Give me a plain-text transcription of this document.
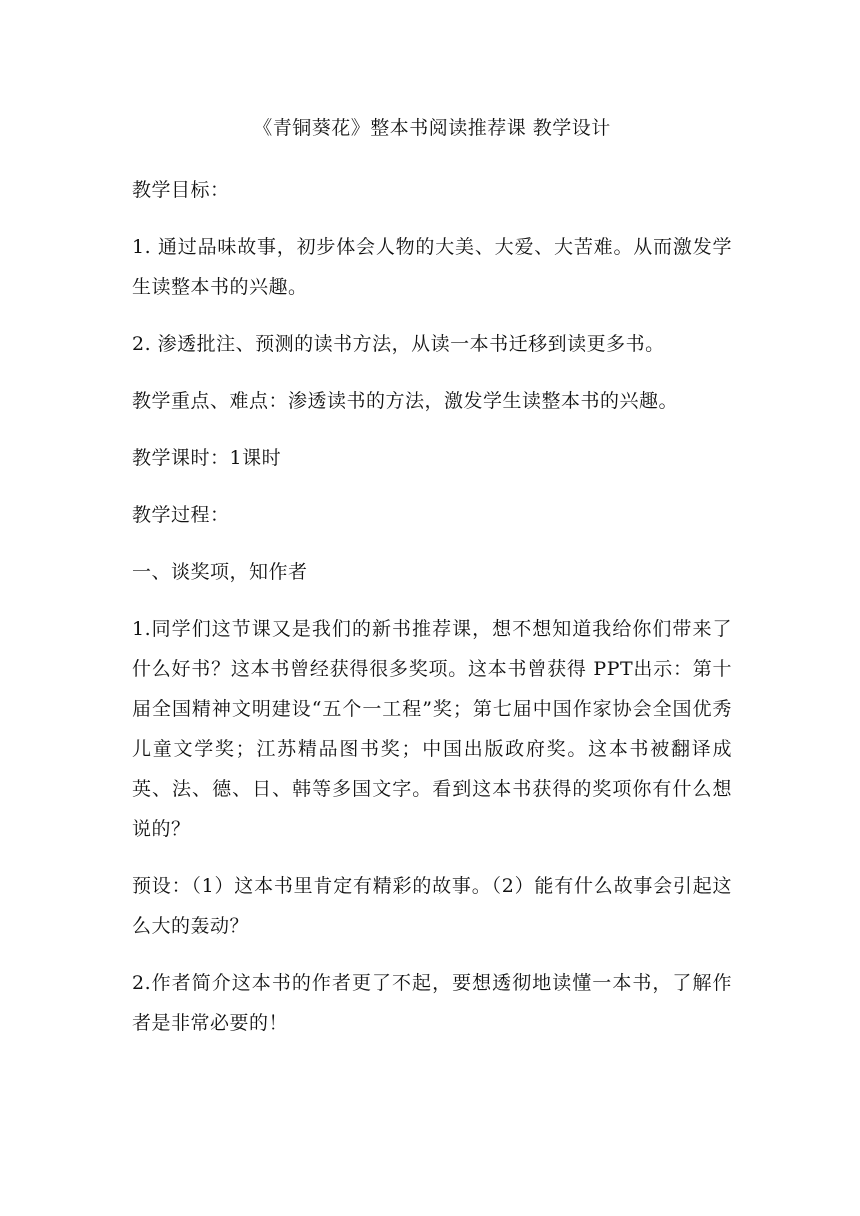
《青铜葵花》整本书阅读推荐课 教学设计

教学目标：

1. 通过品味故事，初步体会人物的大美、大爱、大苦难。从而激发学生读整本书的兴趣。

2. 渗透批注、预测的读书方法，从读一本书迁移到读更多书。

教学重点、难点：渗透读书的方法，激发学生读整本书的兴趣。

教学课时：1课时

教学过程：

一、谈奖项，知作者

1.同学们这节课又是我们的新书推荐课，想不想知道我给你们带来了什么好书？这本书曾经获得很多奖项。这本书曾获得 PPT出示：第十届全国精神文明建设“五个一工程”奖；第七届中国作家协会全国优秀儿童文学奖；江苏精品图书奖；中国出版政府奖。这本书被翻译成英、法、德、日、韩等多国文字。看到这本书获得的奖项你有什么想说的？

预设：（1）这本书里肯定有精彩的故事。（2）能有什么故事会引起这么大的轰动？

2.作者简介这本书的作者更了不起，要想透彻地读懂一本书，了解作者是非常必要的！
